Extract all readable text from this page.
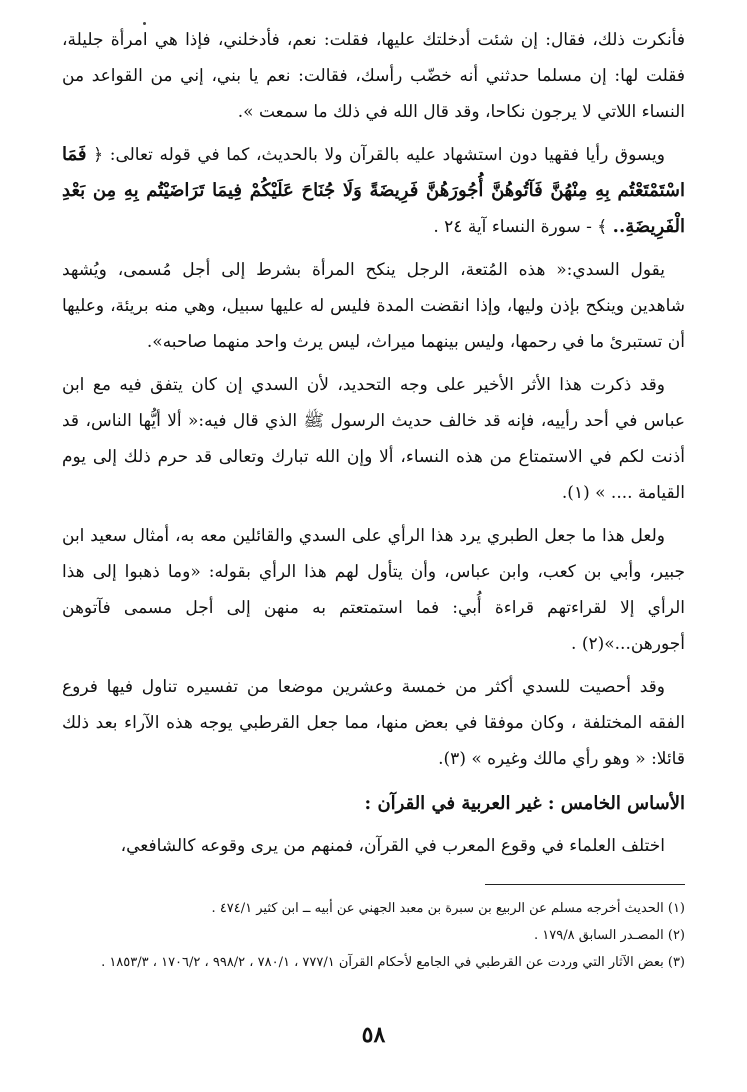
فأنكرت ذلك، فقال: إن شئت أدخلتك عليها، فقلت: نعم، فأدخلني، فإذا هي امرأة جليلة، فقلت لها: إن مسلما حدثني أنه خضّب رأسك، فقالت: نعم يا بني، إني من القواعد من النساء اللاتي لا يرجون نكاحا، وقد قال الله في ذلك ما سمعت ».

ويسوق رأيا فقهيا دون استشهاد عليه بالقرآن ولا بالحديث، كما في قوله تعالى: ﴿ فَمَا اسْتَمْتَعْتُم بِهِ مِنْهُنَّ فَآتُوهُنَّ أُجُورَهُنَّ فَرِيضَةً وَلَا جُنَاحَ عَلَيْكُمْ فِيمَا تَرَاضَيْتُم بِهِ مِن بَعْدِ الْفَرِيضَةِ.. ﴾ - سورة النساء آية ٢٤ .

يقول السدي:« هذه المُتعة، الرجل ينكح المرأة بشرط إلى أجل مُسمى، ويُشهد شاهدين وينكح بإذن وليها، وإذا انقضت المدة فليس له عليها سبيل، وهي منه بريئة، وعليها أن تستبرئ ما في رحمها، وليس بينهما ميراث، ليس يرث واحد منهما صاحبه».

وقد ذكرت هذا الأثر الأخير على وجه التحديد، لأن السدي إن كان يتفق فيه مع ابن عباس في أحد رأييه، فإنه قد خالف حديث الرسول ﷺ الذي قال فيه:« ألا أيُّها الناس، قد أذنت لكم في الاستمتاع من هذه النساء، ألا وإن الله تبارك وتعالى قد حرم ذلك إلى يوم القيامة .... » (١).

ولعل هذا ما جعل الطبري يرد هذا الرأي على السدي والقائلين معه به، أمثال سعيد ابن جبير، وأبي بن كعب، وابن عباس، وأن يتأول لهم هذا الرأي بقوله: «وما ذهبوا إلى هذا الرأي إلا لقراءتهم قراءة أُبي: فما استمتعتم به منهن إلى أجل مسمى فآتوهن أجورهن...»(٢) .

وقد أحصيت للسدي أكثر من خمسة وعشرين موضعا من تفسيره تناول فيها فروع الفقه المختلفة ، وكان موفقا في بعض منها، مما جعل القرطبي يوجه هذه الآراء بعد ذلك قائلا: « وهو رأي مالك وغيره » (٣).

الأساس الخامس : غير العربية في القرآن :

اختلف العلماء في وقوع المعرب في القرآن، فمنهم من يرى وقوعه كالشافعي،

(١) الحديث أخرجه مسلم عن الربيع بن سبرة بن معبد الجهني عن أبيه ــ ابن كثير ٤٧٤/١ .
(٢) المصـدر السابق ١٧٩/٨ .
(٣) بعض الآثار التي وردت عن القرطبي في الجامع لأحكام القرآن ٧٧٧/١ ، ٧٨٠/١ ، ٩٩٨/٢ ، ١٧٠٦/٢ ، ١٨٥٣/٣ .
٥٨
